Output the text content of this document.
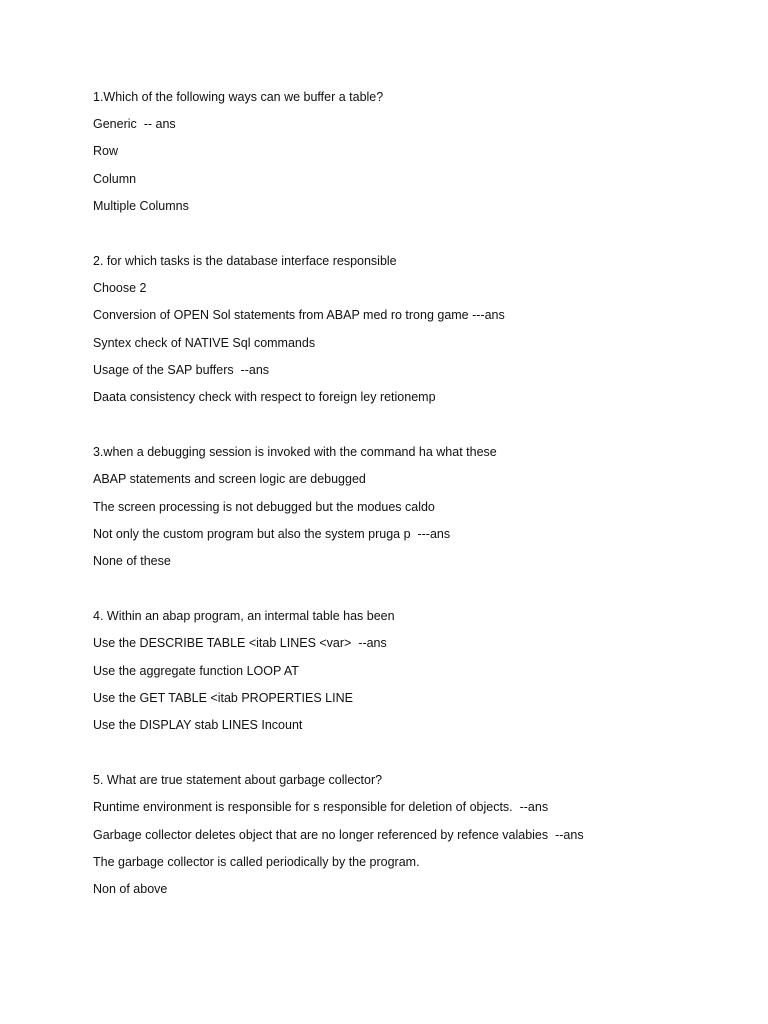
1.Which of the following ways can we buffer a table?
Generic  -- ans
Row
Column
Multiple Columns
2. for which tasks is the database interface responsible
Choose 2
Conversion of OPEN Sol statements from ABAP med ro trong game ---ans
Syntex check of NATIVE Sql commands
Usage of the SAP buffers  --ans
Daata consistency check with respect to foreign ley retionemp
3.when a debugging session is invoked with the command ha what these
ABAP statements and screen logic are debugged
The screen processing is not debugged but the modues caldo
Not only the custom program but also the system pruga p  ---ans
None of these
4. Within an abap program, an intermal table has been
Use the DESCRIBE TABLE <itab LINES <var>  --ans
Use the aggregate function LOOP AT
Use the GET TABLE <itab PROPERTIES LINE
Use the DISPLAY stab LINES Incount
5. What are true statement about garbage collector?
Runtime environment is responsible for s responsible for deletion of objects.  --ans
Garbage collector deletes object that are no longer referenced by refence valabies  --ans
The garbage collector is called periodically by the program.
Non of above
